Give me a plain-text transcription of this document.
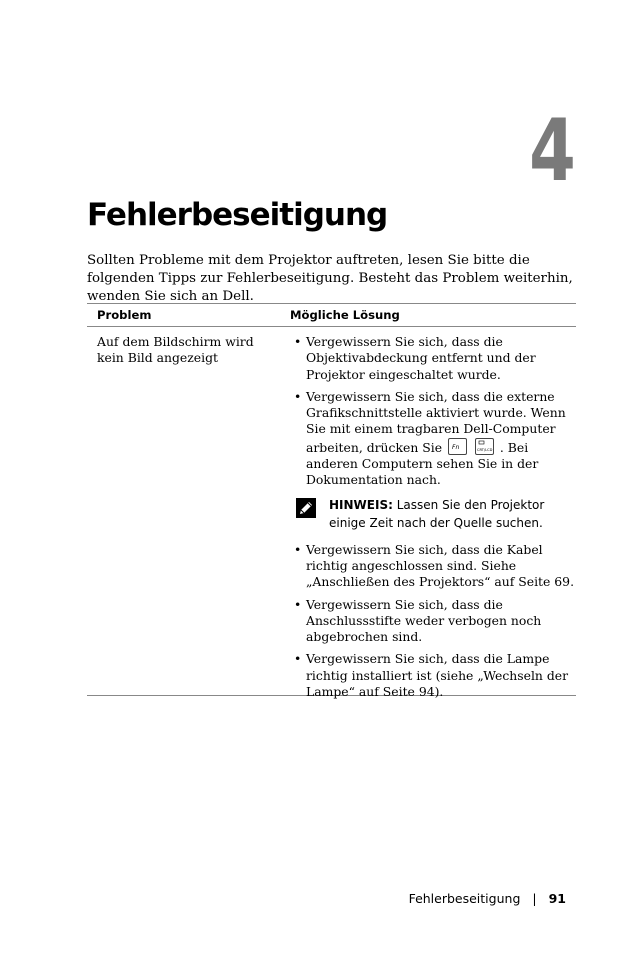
4
Fehlerbeseitigung
Sollten Probleme mit dem Projektor auftreten, lesen Sie bitte die folgenden Tipps zur Fehlerbeseitigung. Besteht das Problem weiterhin, wenden Sie sich an Dell.
Problem	Mögliche Lösung
Auf dem Bildschirm wird kein Bild angezeigt
• Vergewissern Sie sich, dass die Objektivabdeckung entfernt und der Projektor eingeschaltet wurde.
• Vergewissern Sie sich, dass die externe Grafikschnittstelle aktiviert wurde. Wenn Sie mit einem tragbaren Dell-Computer arbeiten, drücken Sie Fn
	CRT/LCD . Bei anderen Computern sehen Sie in der Dokumentation nach.
HINWEIS: Lassen Sie den Projektor einige Zeit nach der Quelle suchen.
• Vergewissern Sie sich, dass die Kabel richtig angeschlossen sind. Siehe „Anschließen des Projektors“ auf Seite 69.
• Vergewissern Sie sich, dass die Anschlussstifte weder verbogen noch abgebrochen sind.
• Vergewissern Sie sich, dass die Lampe richtig installiert ist (siehe „Wechseln der Lampe“ auf Seite 94).
Fehlerbeseitigung | 91
